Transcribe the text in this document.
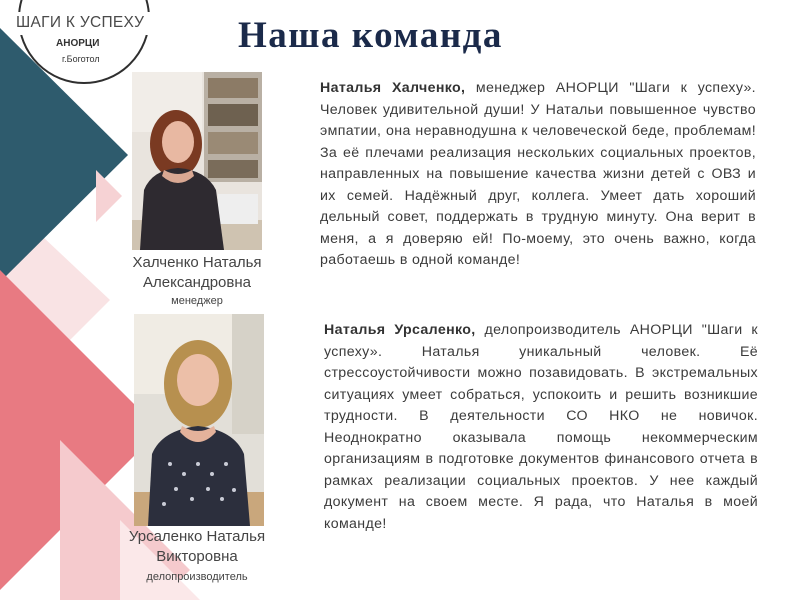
ШАГИ К УСПЕХУ
АНОРЦИ
г.Боготол
Наша команда
Халченко Наталья
Александровна
менеджер
Урсаленко Наталья
Викторовна
делопроизводитель
Наталья Халченко, менеджер АНОРЦИ "Шаги к успеху». Человек удивительной души! У Натальи повышенное чувство эмпатии, она неравнодушна к человеческой беде, проблемам! За её плечами реализация нескольких социальных проектов, направленных на повышение качества жизни детей с ОВЗ и их семей. Надёжный друг, коллега. Умеет дать хороший дельный совет, поддержать в трудную минуту. Она верит в меня, а я доверяю ей! По-моему, это очень важно, когда работаешь в одной команде!
Наталья Урсаленко, делопроизводитель АНОРЦИ "Шаги к успеху». Наталья уникальный человек. Её стрессоустойчивости можно позавидовать. В экстремальных ситуациях умеет собраться, успокоить и решить возникшие трудности. В деятельности СО НКО не новичок. Неоднократно оказывала помощь некоммерческим организациям в подготовке документов финансового отчета в рамках реализации социальных проектов. У нее каждый документ на своем месте. Я рада, что Наталья в моей команде!
